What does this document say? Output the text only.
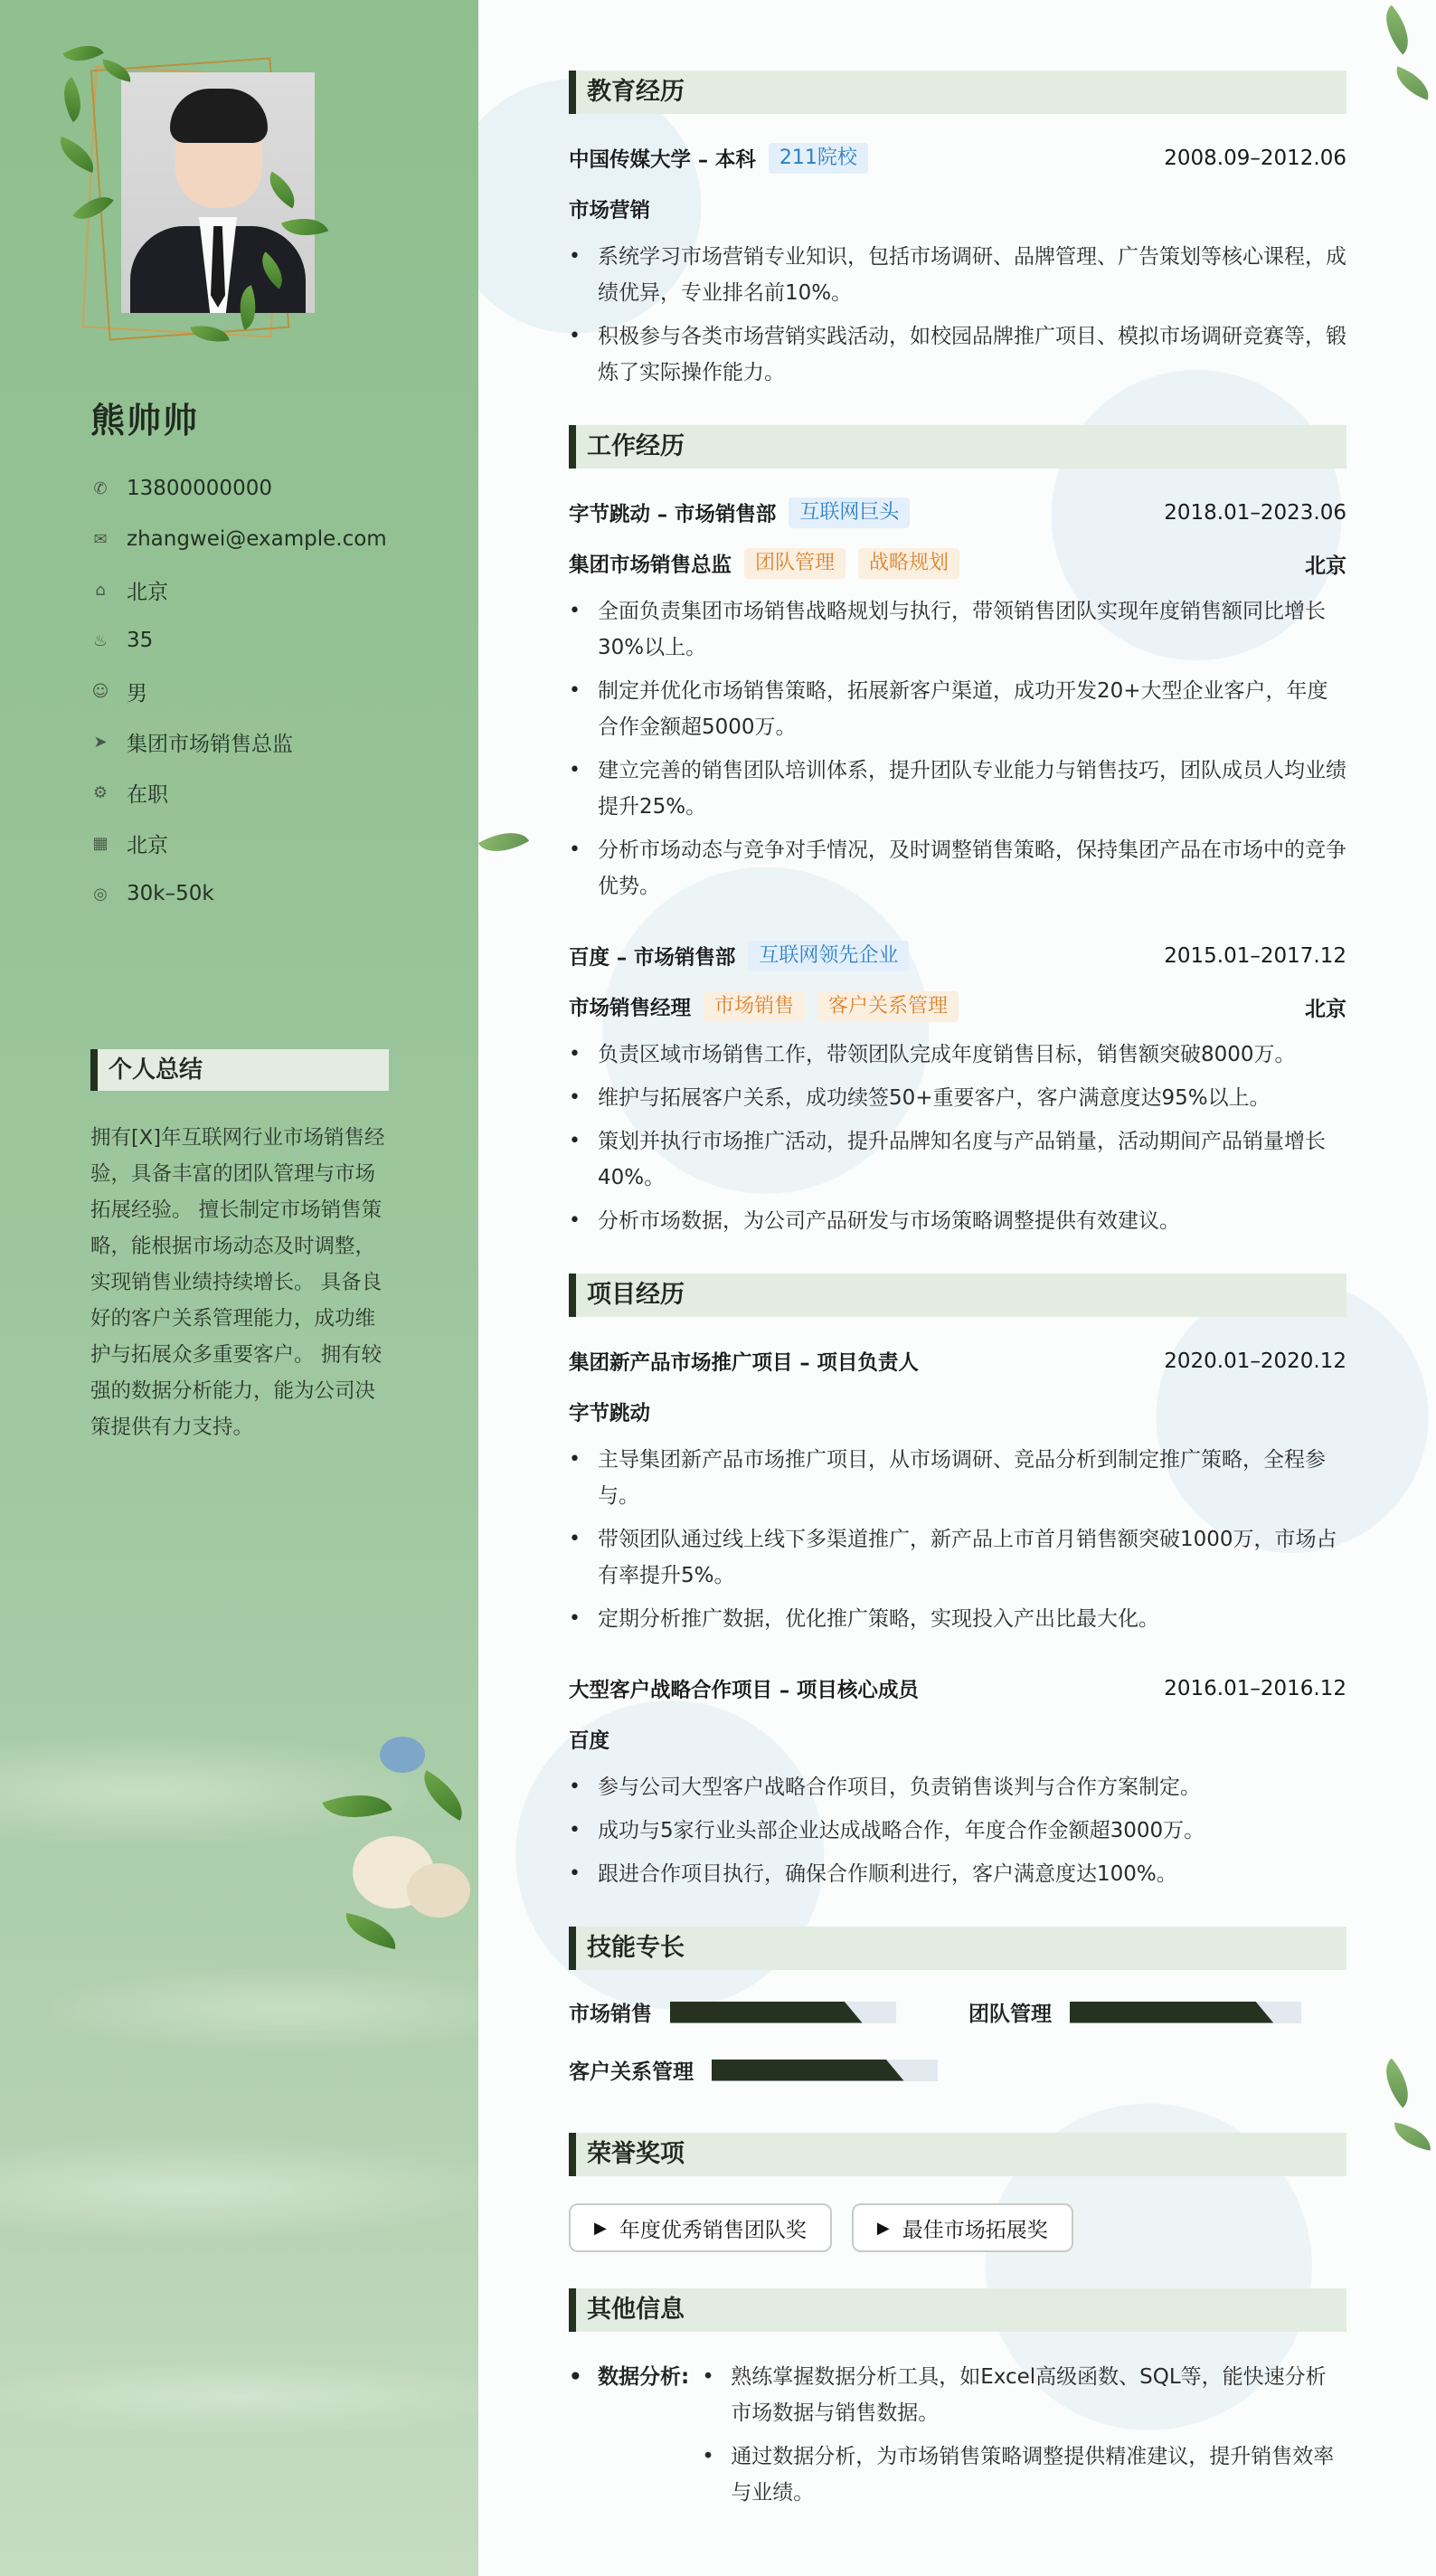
熊帅帅
✆ 13800000000
✉ zhangwei@example.com
⌂ 北京
♨ 35
☺ 男
➤ 集团市场销售总监
⚙ 在职
▦ 北京
◎ 30k–50k
个人总结
拥有[X]年互联网行业市场销售经验，具备丰富的团队管理与市场拓展经验。 擅长制定市场销售策略，能根据市场动态及时调整，实现销售业绩持续增长。 具备良好的客户关系管理能力，成功维护与拓展众多重要客户。 拥有较强的数据分析能力，能为公司决策提供有力支持。
教育经历
中国传媒大学 – 本科	211院校	2008.09–2012.06
市场营销
• 系统学习市场营销专业知识，包括市场调研、品牌管理、广告策划等核心课程，成绩优异，专业排名前10%。
• 积极参与各类市场营销实践活动，如校园品牌推广项目、模拟市场调研竞赛等，锻炼了实际操作能力。
工作经历
字节跳动 – 市场销售部	互联网巨头	2018.01–2023.06
集团市场销售总监	团队管理	战略规划	北京
• 全面负责集团市场销售战略规划与执行，带领销售团队实现年度销售额同比增长30%以上。
• 制定并优化市场销售策略，拓展新客户渠道，成功开发20+大型企业客户，年度合作金额超5000万。
• 建立完善的销售团队培训体系，提升团队专业能力与销售技巧，团队成员人均业绩提升25%。
• 分析市场动态与竞争对手情况，及时调整销售策略，保持集团产品在市场中的竞争优势。
百度 – 市场销售部	互联网领先企业	2015.01–2017.12
市场销售经理	市场销售	客户关系管理	北京
• 负责区域市场销售工作，带领团队完成年度销售目标，销售额突破8000万。
• 维护与拓展客户关系，成功续签50+重要客户，客户满意度达95%以上。
• 策划并执行市场推广活动，提升品牌知名度与产品销量，活动期间产品销量增长40%。
• 分析市场数据，为公司产品研发与市场策略调整提供有效建议。
项目经历
集团新产品市场推广项目 – 项目负责人	2020.01–2020.12
字节跳动
• 主导集团新产品市场推广项目，从市场调研、竞品分析到制定推广策略，全程参与。
• 带领团队通过线上线下多渠道推广，新产品上市首月销售额突破1000万，市场占有率提升5%。
• 定期分析推广数据，优化推广策略，实现投入产出比最大化。
大型客户战略合作项目 – 项目核心成员	2016.01–2016.12
百度
• 参与公司大型客户战略合作项目，负责销售谈判与合作方案制定。
• 成功与5家行业头部企业达成战略合作，年度合作金额超3000万。
• 跟进合作项目执行，确保合作顺利进行，客户满意度达100%。
技能专长
市场销售	团队管理
客户关系管理
荣誉奖项
▶ 年度优秀销售团队奖	▶ 最佳市场拓展奖
其他信息
• 数据分析:
•	熟练掌握数据分析工具，如Excel高级函数、SQL等，能快速分析市场数据与销售数据。
• 通过数据分析，为市场销售策略调整提供精准建议，提升销售效率与业绩。
